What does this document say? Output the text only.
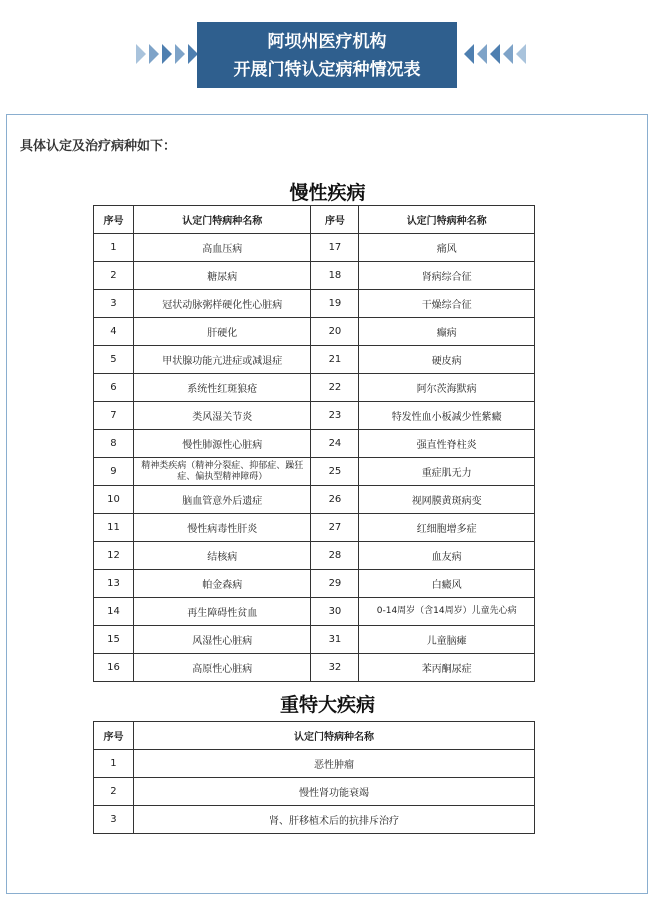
阿坝州医疗机构
开展门特认定病种情况表
具体认定及治疗病种如下：
慢性疾病
序号	认定门特病种名称	序号	认定门特病种名称
1	高血压病	17	痛风
2	糖尿病	18	肾病综合征
3	冠状动脉粥样硬化性心脏病	19	干燥综合征
4	肝硬化	20	癫病
5	甲状腺功能亢进症或减退症	21	硬皮病
6	系统性红斑狼疮	22	阿尔茨海默病
7	类风湿关节炎	23	特发性血小板减少性紫癜
8	慢性肺源性心脏病	24	强直性脊柱炎
9	精神类疾病（精神分裂症、抑郁症、躁狂症、偏执型精神障碍）	25	重症肌无力
10	脑血管意外后遗症	26	视网膜黄斑病变
11	慢性病毒性肝炎	27	红细胞增多症
12	结核病	28	血友病
13	帕金森病	29	白癜风
14	再生障碍性贫血	30	0-14周岁（含14周岁）儿童先心病
15	风湿性心脏病	31	儿童脑瘫
16	高原性心脏病	32	苯丙酮尿症
重特大疾病
序号	认定门特病种名称
1	恶性肿瘤
2	慢性肾功能衰竭
3	肾、肝移植术后的抗排斥治疗
